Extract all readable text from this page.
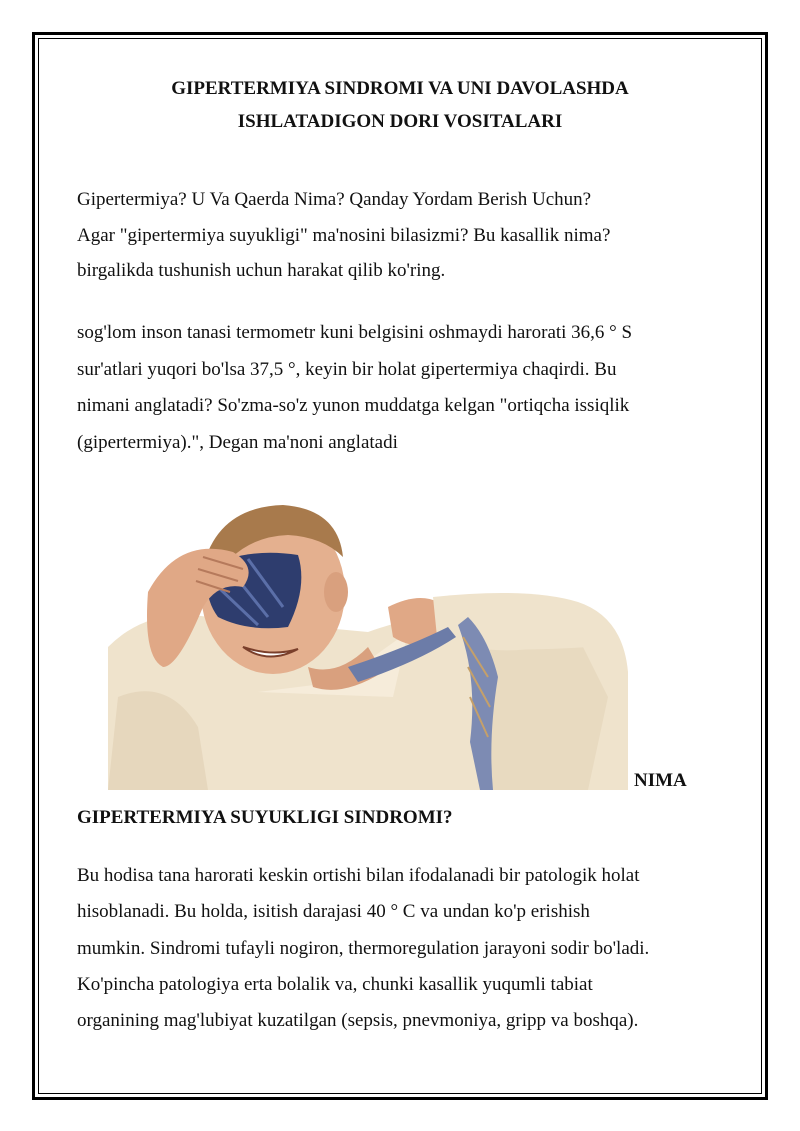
GIPERTERMIYA SINDROMI VA UNI DAVOLASHDA
ISHLATADIGON DORI VOSITALARI
Gipertermiya? U Va Qaerda Nima? Qanday Yordam Berish Uchun?
Agar "gipertermiya suyukligi" ma'nosini bilasizmi? Bu kasallik nima?
birgalikda tushunish uchun harakat qilib ko'ring.
sog'lom inson tanasi termometr kuni belgisini oshmaydi harorati 36,6 ° S
sur'atlari yuqori bo'lsa 37,5 °, keyin bir holat gipertermiya chaqirdi. Bu
nimani anglatadi? So'zma-so'z yunon muddatga kelgan "ortiqcha issiqlik
(gipertermiya).", Degan ma'noni anglatadi
NIMA
GIPERTERMIYA SUYUKLIGI SINDROMI?
Bu hodisa tana harorati keskin ortishi bilan ifodalanadi bir patologik holat
hisoblanadi. Bu holda, isitish darajasi 40 ° C va undan ko'p erishish
mumkin. Sindromi tufayli nogiron, thermoregulation jarayoni sodir bo'ladi.
Ko'pincha patologiya erta bolalik va, chunki kasallik yuqumli tabiat
organining mag'lubiyat kuzatilgan (sepsis, pnevmoniya, gripp va boshqa).
